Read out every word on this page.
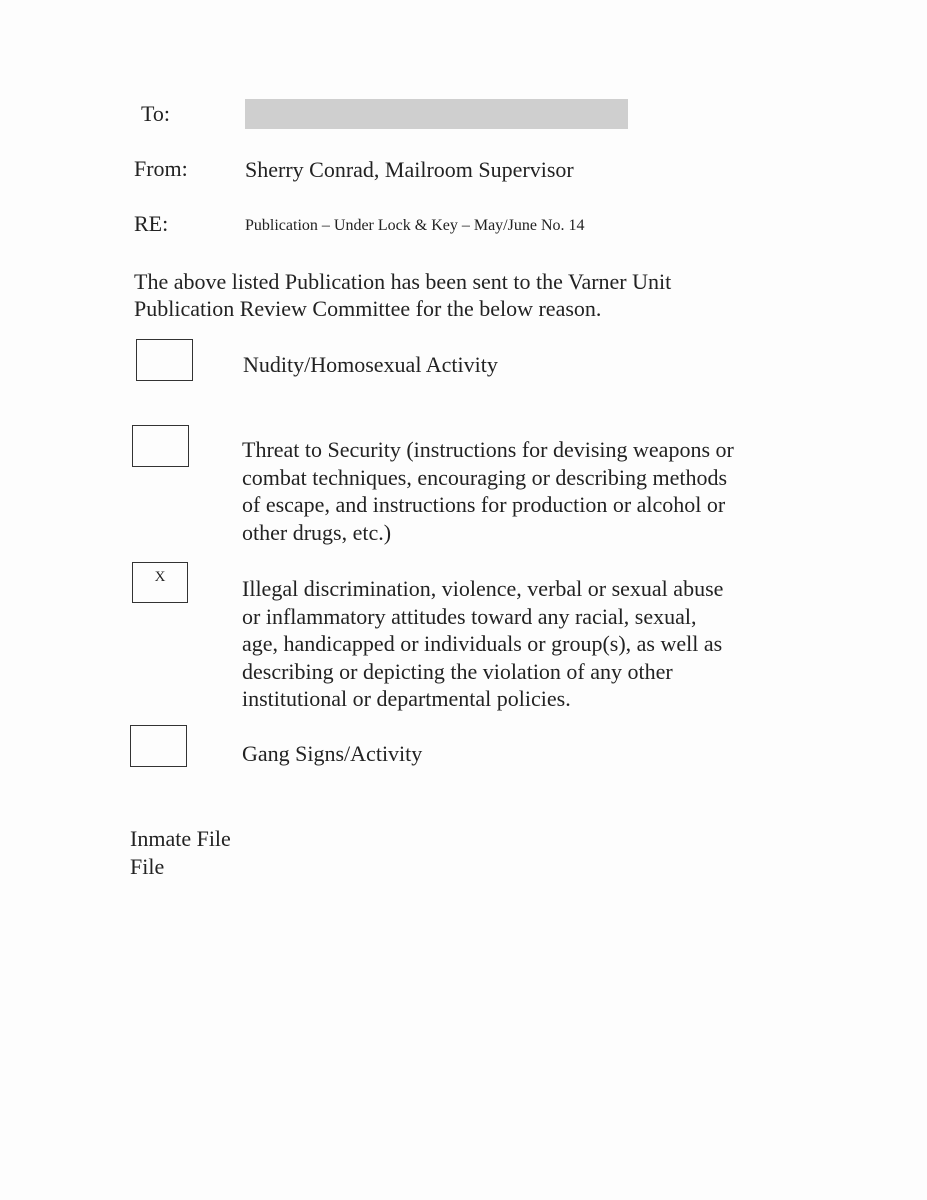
To:
From:	Sherry Conrad, Mailroom Supervisor
RE:	Publication – Under Lock & Key – May/June No. 14
The above listed Publication has been sent to the Varner Unit
Publication Review Committee for the below reason.
Nudity/Homosexual Activity
Threat to Security (instructions for devising weapons or
combat techniques, encouraging or describing methods
of escape, and instructions for production or alcohol or
other drugs, etc.)
X	Illegal discrimination, violence, verbal or sexual abuse
or inflammatory attitudes toward any racial, sexual,
age, handicapped or individuals or group(s), as well as
describing or depicting the violation of any other
institutional or departmental policies.
Gang Signs/Activity
Inmate File
File
